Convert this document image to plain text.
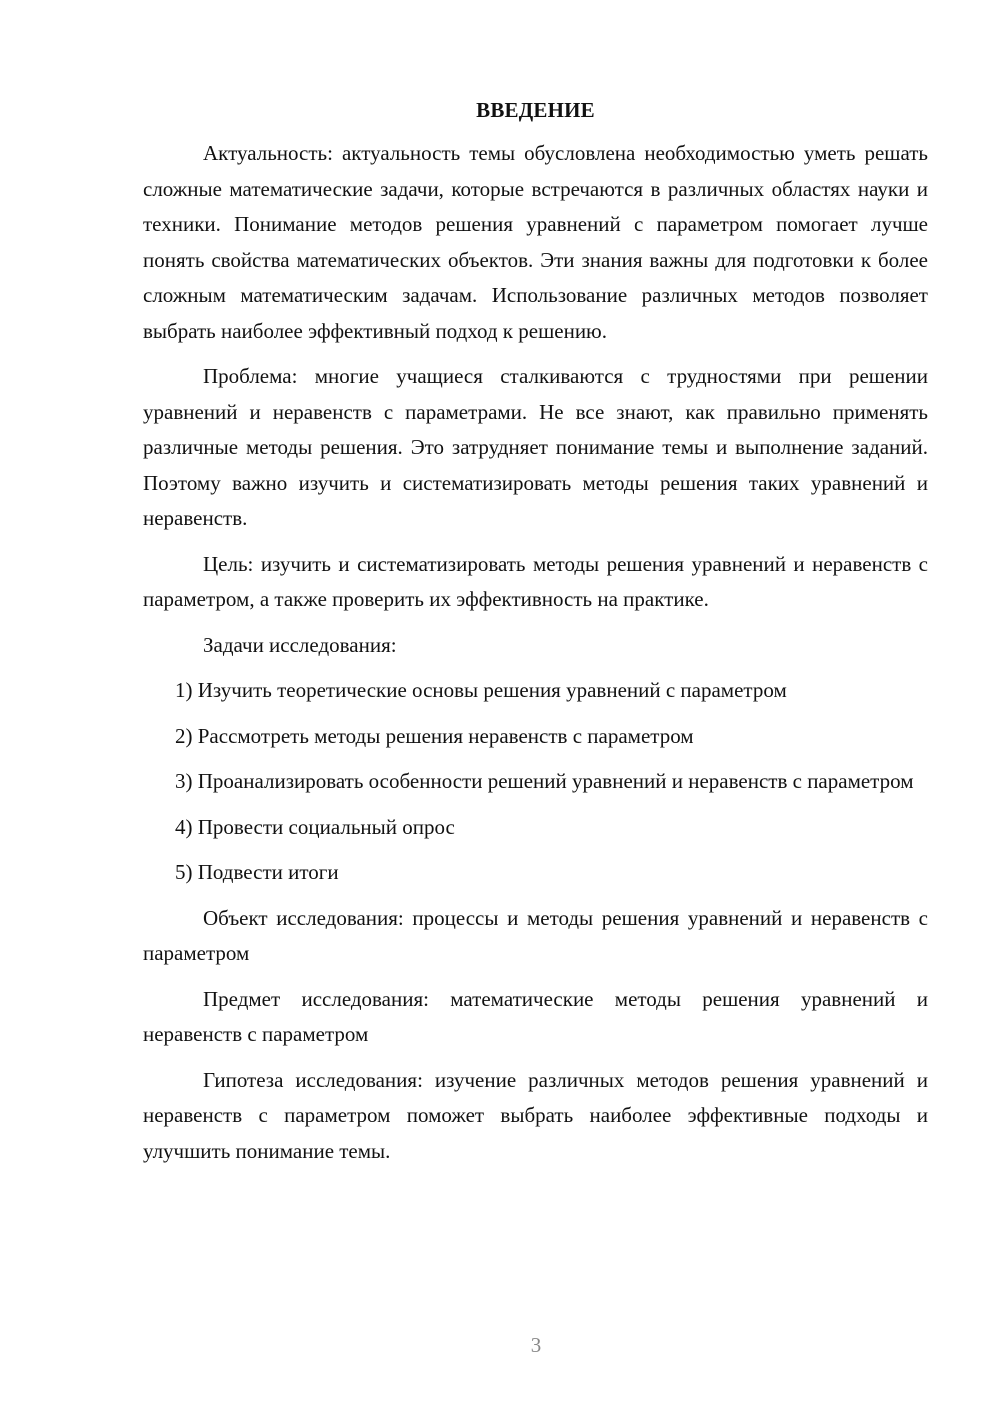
ВВЕДЕНИЕ

Актуальность: актуальность темы обусловлена необходимостью уметь решать сложные математические задачи, которые встречаются в различных областях науки и техники. Понимание методов решения уравнений с параметром помогает лучше понять свойства математических объектов. Эти знания важны для подготовки к более сложным математическим задачам. Использование различных методов позволяет выбрать наиболее эффективный подход к решению.

Проблема: многие учащиеся сталкиваются с трудностями при решении уравнений и неравенств с параметрами. Не все знают, как правильно применять различные методы решения. Это затрудняет понимание темы и выполнение заданий. Поэтому важно изучить и систематизировать методы решения таких уравнений и неравенств.

Цель: изучить и систематизировать методы решения уравнений и неравенств с параметром, а также проверить их эффективность на практике.

Задачи исследования:

1) Изучить теоретические основы решения уравнений с параметром

2) Рассмотреть методы решения неравенств с параметром

3) Проанализировать особенности решений уравнений и неравенств с параметром

4) Провести социальный опрос

5) Подвести итоги

Объект исследования: процессы и методы решения уравнений и неравенств с параметром

Предмет исследования: математические методы решения уравнений и неравенств с параметром

Гипотеза исследования: изучение различных методов решения уравнений и неравенств с параметром поможет выбрать наиболее эффективные подходы и улучшить понимание темы.

3
